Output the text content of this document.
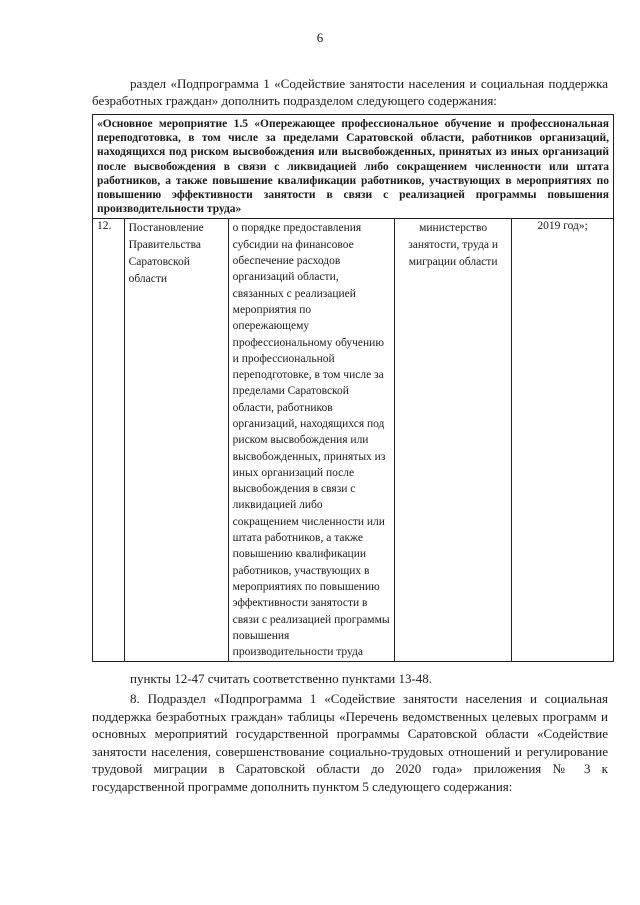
6

раздел «Подпрограмма 1 «Содействие занятости населения и социальная поддержка безработных граждан» дополнить подразделом следующего содержания:

«Основное мероприятие 1.5 «Опережающее профессиональное обучение и профессиональная переподготовка, в том числе за пределами Саратовской области, работников организаций, находящихся под риском высвобождения или высвобожденных, принятых из иных организаций после высвобождения в связи с ликвидацией либо сокращением численности или штата работников, а также повышение квалификации работников, участвующих в мероприятиях по повышению эффективности занятости в связи с реализацией программы повышения производительности труда»
12.	Постановление Правительства Саратовской области	о порядке предоставления субсидии на финансовое обеспечение расходов организаций области, связанных с реализацией мероприятия по опережающему профессиональному обучению и профессиональной переподготовке, в том числе за пределами Саратовской области, работников организаций, находящихся под риском высвобождения или высвобожденных, принятых из иных организаций после высвобождения в связи с ликвидацией либо сокращением численности или штата работников, а также повышению квалификации работников, участвующих в мероприятиях по повышению эффективности занятости в связи с реализацией программы повышения производительности труда	министерство занятости, труда и миграции области	2019 год»;

пункты 12-47 считать соответственно пунктами 13-48.

8. Подраздел «Подпрограмма 1 «Содействие занятости населения и социальная поддержка безработных граждан» таблицы «Перечень ведомственных целевых программ и основных мероприятий государственной программы Саратовской области «Содействие занятости населения, совершенствование социально-трудовых отношений и регулирование трудовой миграции в Саратовской области до 2020 года» приложения № 3 к государственной программе дополнить пунктом 5 следующего содержания:
